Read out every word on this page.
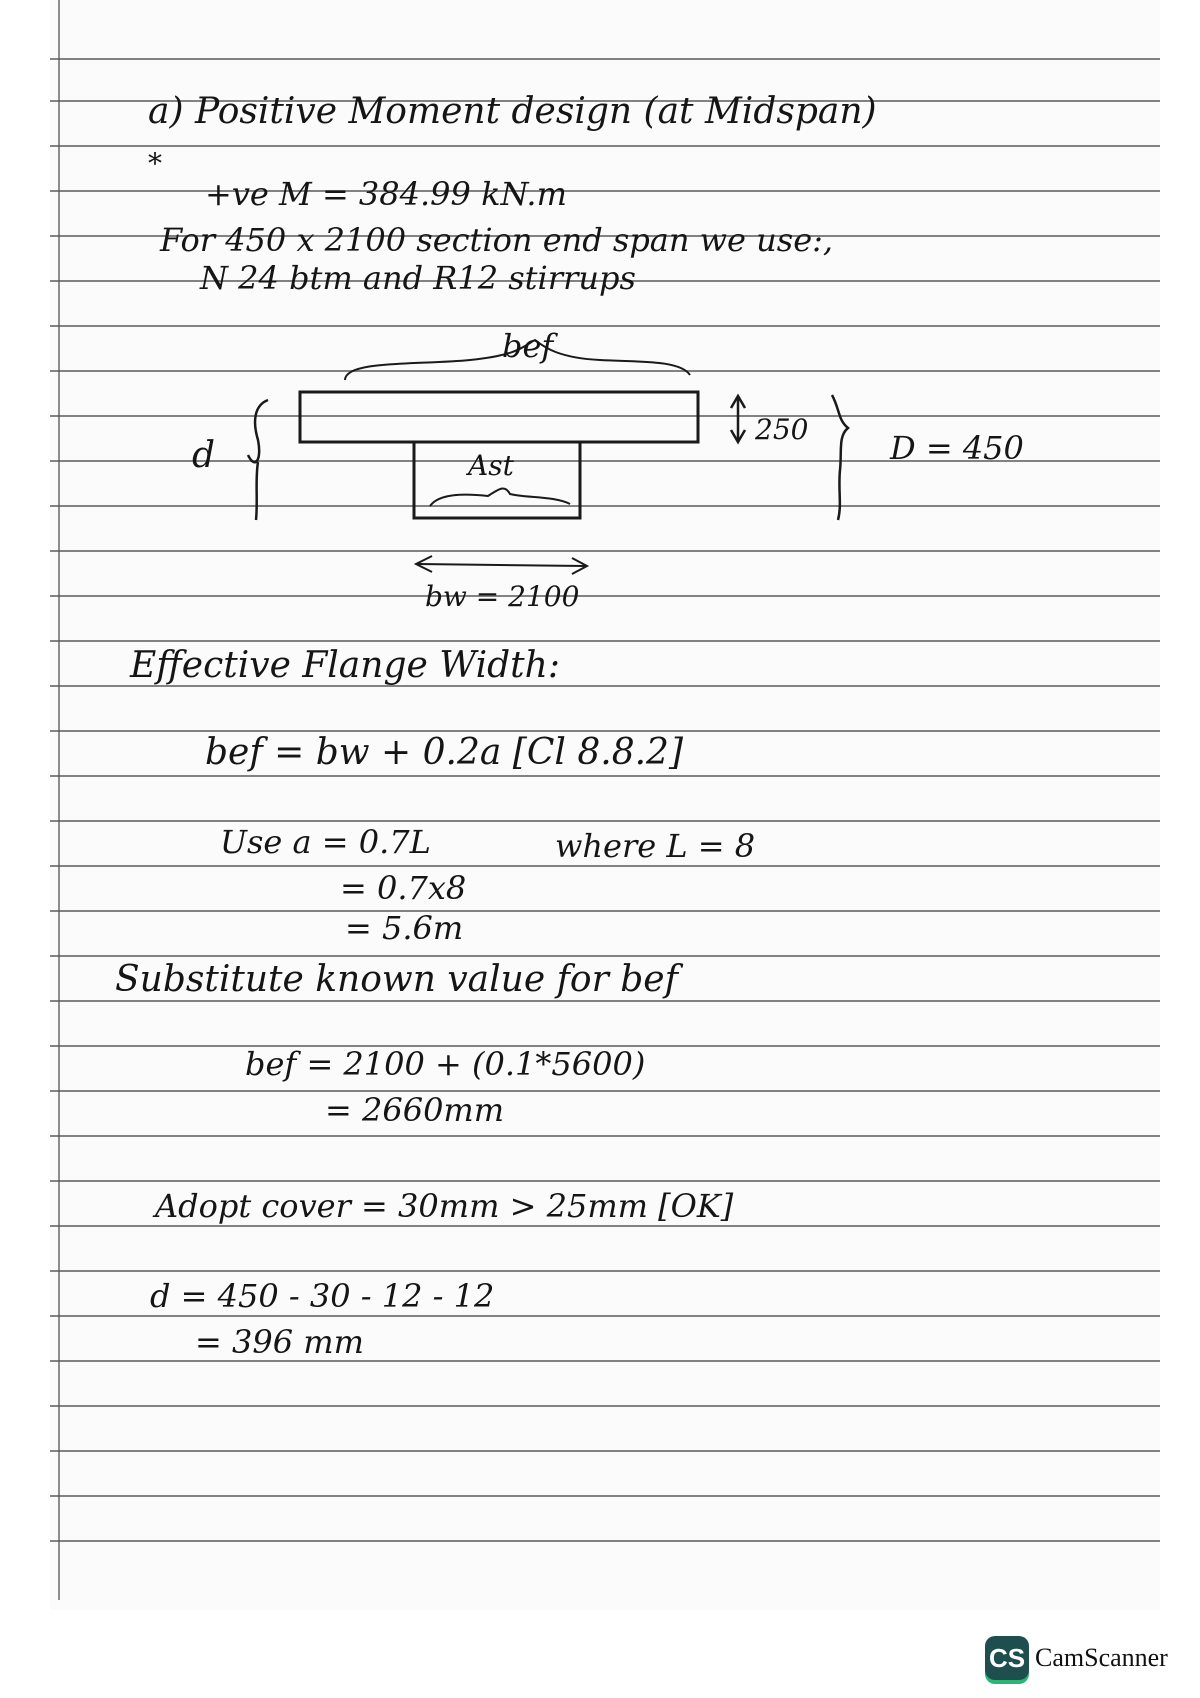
a) Positive Moment design (at Midspan)
*
+ve M = 384.99 kN.m
For 450 x 2100 section end span we use:,
N 24 btm and R12 stirrups
bef
d	Ast
250	D = 450
bw = 2100
Effective Flange Width:
bef = bw + 0.2a [Cl 8.8.2]
Use a = 0.7L	where L = 8
= 0.7x8
= 5.6m
Substitute known value for bef
bef = 2100 + (0.1*5600)
= 2660mm
Adopt cover = 30mm > 25mm [OK]
d = 450 - 30 - 12 - 12
= 396 mm
CS CamScanner
